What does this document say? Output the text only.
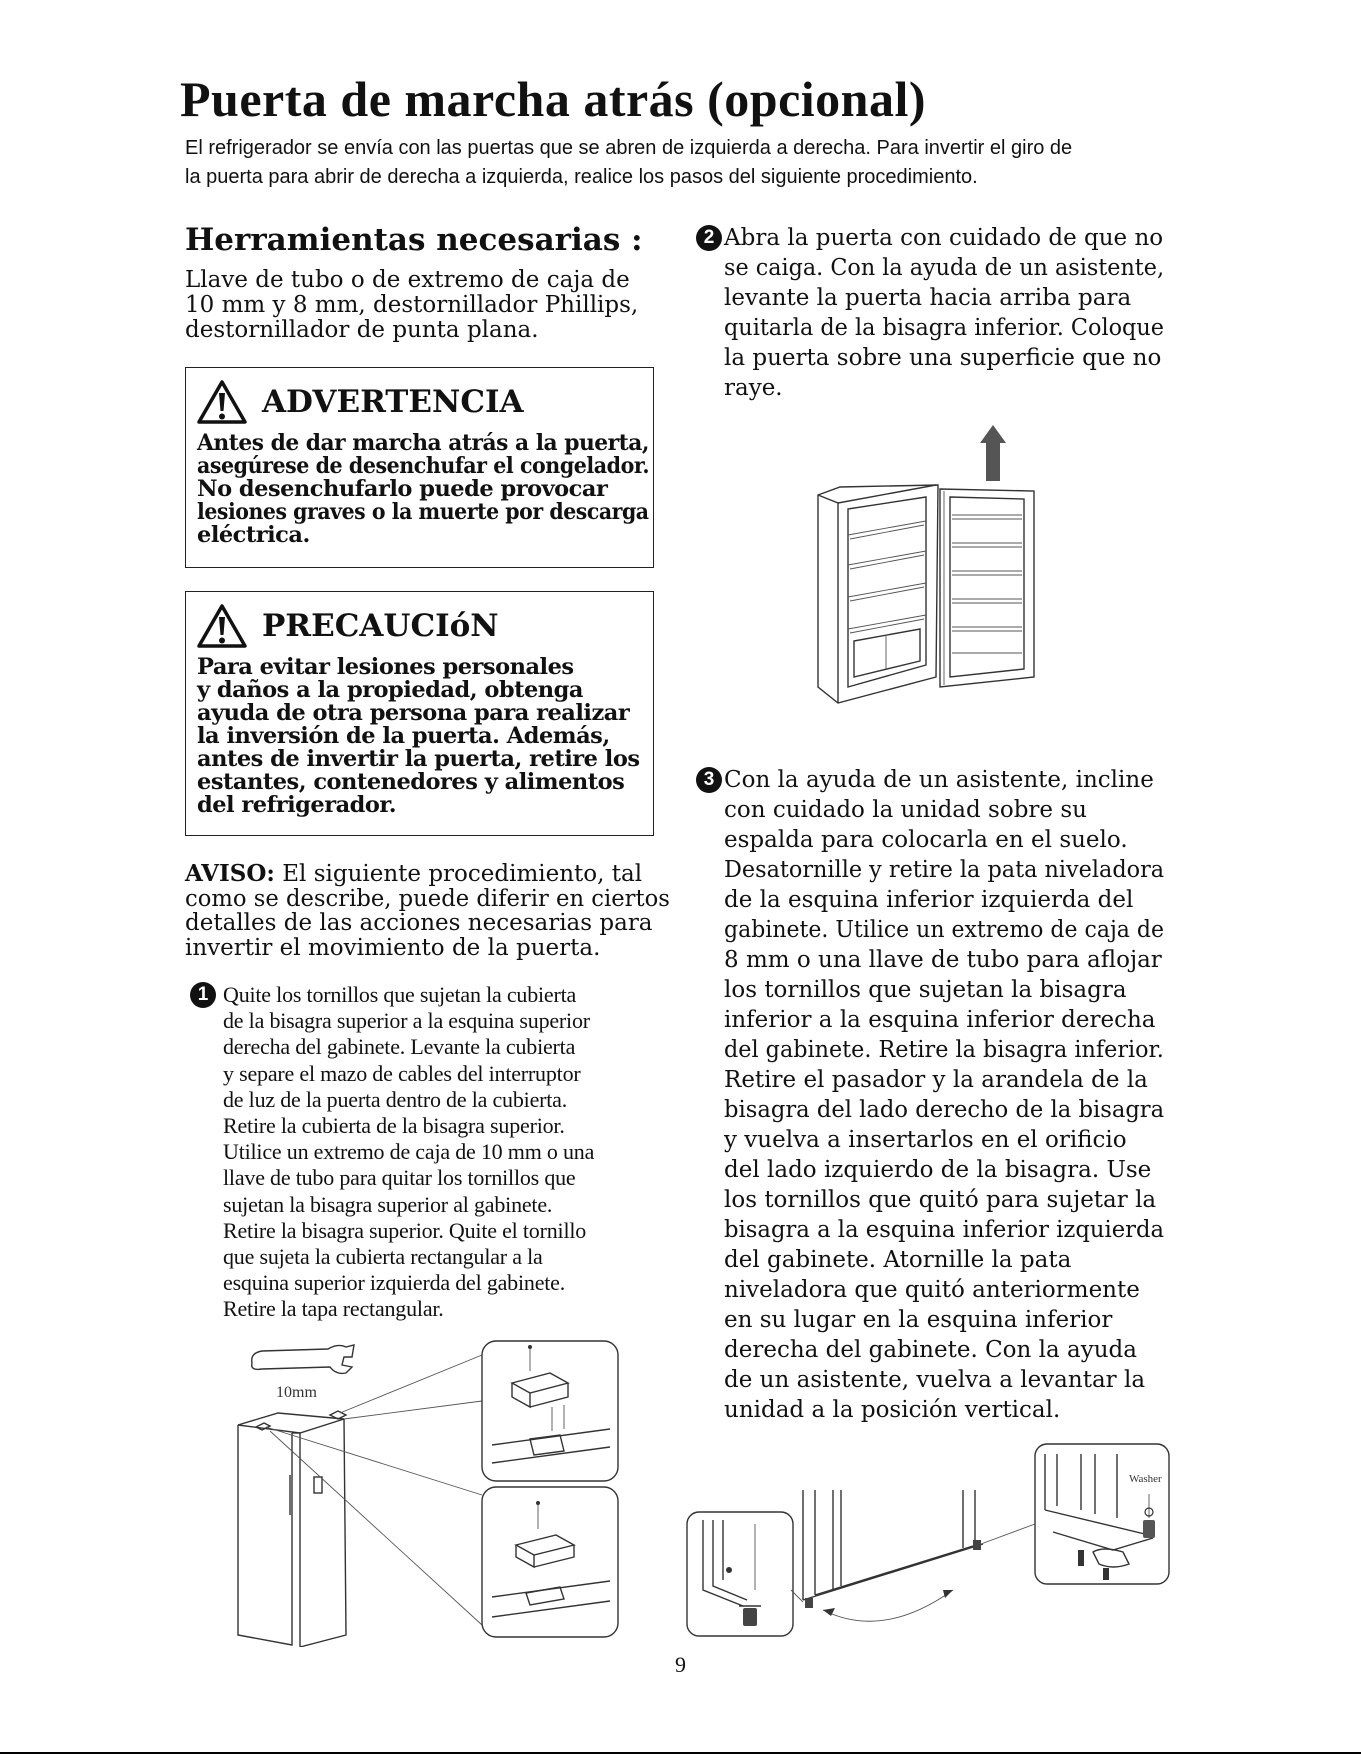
Puerta de marcha atrás (opcional)

El refrigerador se envía con las puertas que se abren de izquierda a derecha. Para invertir el giro de

la puerta para abrir de derecha a izquierda, realice los pasos del siguiente procedimiento.

Herramientas necesarias :

Llave de tubo o de extremo de caja de

10 mm y 8 mm, destornillador Phillips,

destornillador de punta plana.

ADVERTENCIA

Antes de dar marcha atrás a la puerta,

asegúrese de desenchufar el congelador.

No desenchufarlo puede provocar

lesiones graves o la muerte por descarga

eléctrica.

PRECAUCIóN

Para evitar lesiones personales

y daños a la propiedad, obtenga

ayuda de otra persona para realizar

la inversión de la puerta. Además,

antes de invertir la puerta, retire los

estantes, contenedores y alimentos

del refrigerador.

AVISO: El siguiente procedimiento, tal

como se describe, puede diferir en ciertos

detalles de las acciones necesarias para

invertir el movimiento de la puerta.

1 Quite los tornillos que sujetan la cubierta

de la bisagra superior a la esquina superior

derecha del gabinete. Levante la cubierta

y separe el mazo de cables del interruptor

de luz de la puerta dentro de la cubierta.

Retire la cubierta de la bisagra superior.

Utilice un extremo de caja de 10 mm o una

llave de tubo para quitar los tornillos que

sujetan la bisagra superior al gabinete.

Retire la bisagra superior. Quite el tornillo

que sujeta la cubierta rectangular a la

esquina superior izquierda del gabinete.

Retire la tapa rectangular.

10mm
2 Abra la puerta con cuidado de que no

se caiga. Con la ayuda de un asistente,

levante la puerta hacia arriba para

quitarla de la bisagra inferior. Coloque

la puerta sobre una superficie que no

raye.

3 Con la ayuda de un asistente, incline

con cuidado la unidad sobre su

espalda para colocarla en el suelo.

Desatornille y retire la pata niveladora

de la esquina inferior izquierda del

gabinete. Utilice un extremo de caja de

8 mm o una llave de tubo para aflojar

los tornillos que sujetan la bisagra

inferior a la esquina inferior derecha

del gabinete. Retire la bisagra inferior.

Retire el pasador y la arandela de la

bisagra del lado derecho de la bisagra

y vuelva a insertarlos en el orificio

del lado izquierdo de la bisagra. Use

los tornillos que quitó para sujetar la

bisagra a la esquina inferior izquierda

del gabinete. Atornille la pata

niveladora que quitó anteriormente

en su lugar en la esquina inferior

derecha del gabinete. Con la ayuda

de un asistente, vuelva a levantar la

unidad a la posición vertical.

Washer
9
